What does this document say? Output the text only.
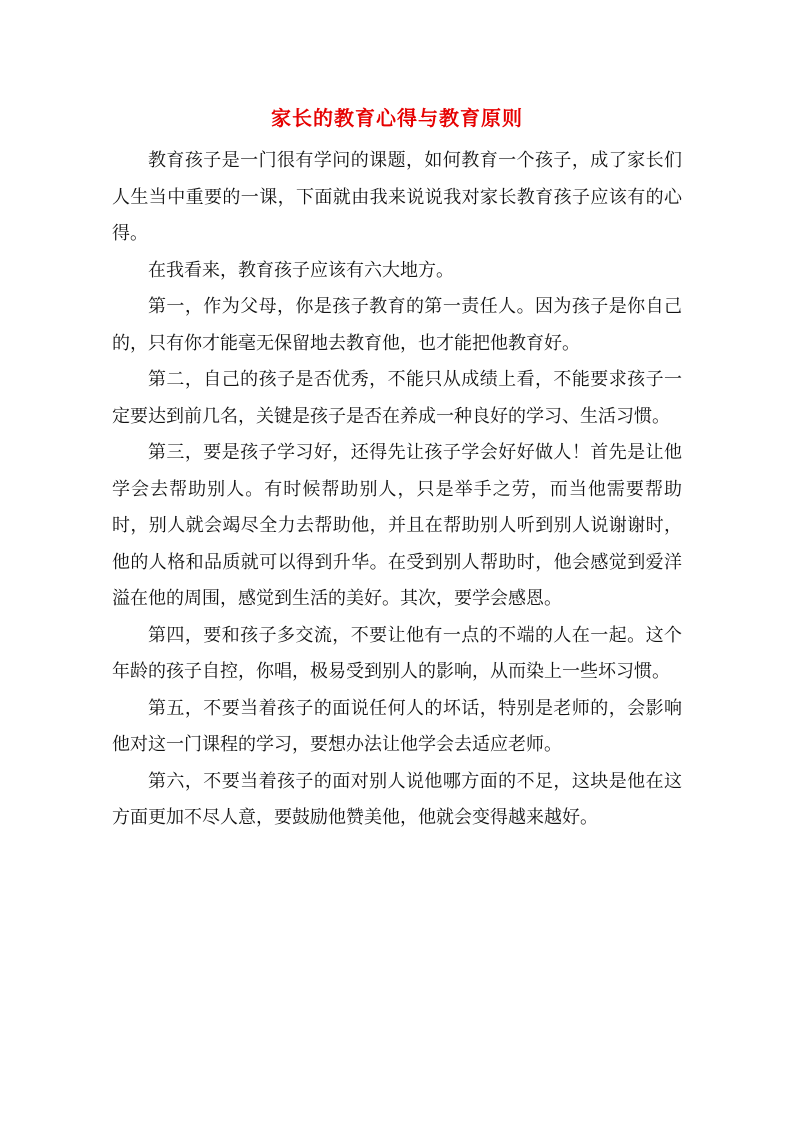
家长的教育心得与教育原则

教育孩子是一门很有学问的课题，如何教育一个孩子，成了家长们人生当中重要的一课，下面就由我来说说我对家长教育孩子应该有的心得。

在我看来，教育孩子应该有六大地方。

第一，作为父母，你是孩子教育的第一责任人。因为孩子是你自己的，只有你才能毫无保留地去教育他，也才能把他教育好。

第二，自己的孩子是否优秀，不能只从成绩上看，不能要求孩子一定要达到前几名，关键是孩子是否在养成一种良好的学习、生活习惯。

第三，要是孩子学习好，还得先让孩子学会好好做人！首先是让他学会去帮助别人。有时候帮助别人，只是举手之劳，而当他需要帮助时，别人就会竭尽全力去帮助他，并且在帮助别人听到别人说谢谢时，他的人格和品质就可以得到升华。在受到别人帮助时，他会感觉到爱洋溢在他的周围，感觉到生活的美好。其次，要学会感恩。

第四，要和孩子多交流，不要让他有一点的不端的人在一起。这个年龄的孩子自控，你唱，极易受到别人的影响，从而染上一些坏习惯。

第五，不要当着孩子的面说任何人的坏话，特别是老师的，会影响他对这一门课程的学习，要想办法让他学会去适应老师。

第六，不要当着孩子的面对别人说他哪方面的不足，这块是他在这方面更加不尽人意，要鼓励他赞美他，他就会变得越来越好。
